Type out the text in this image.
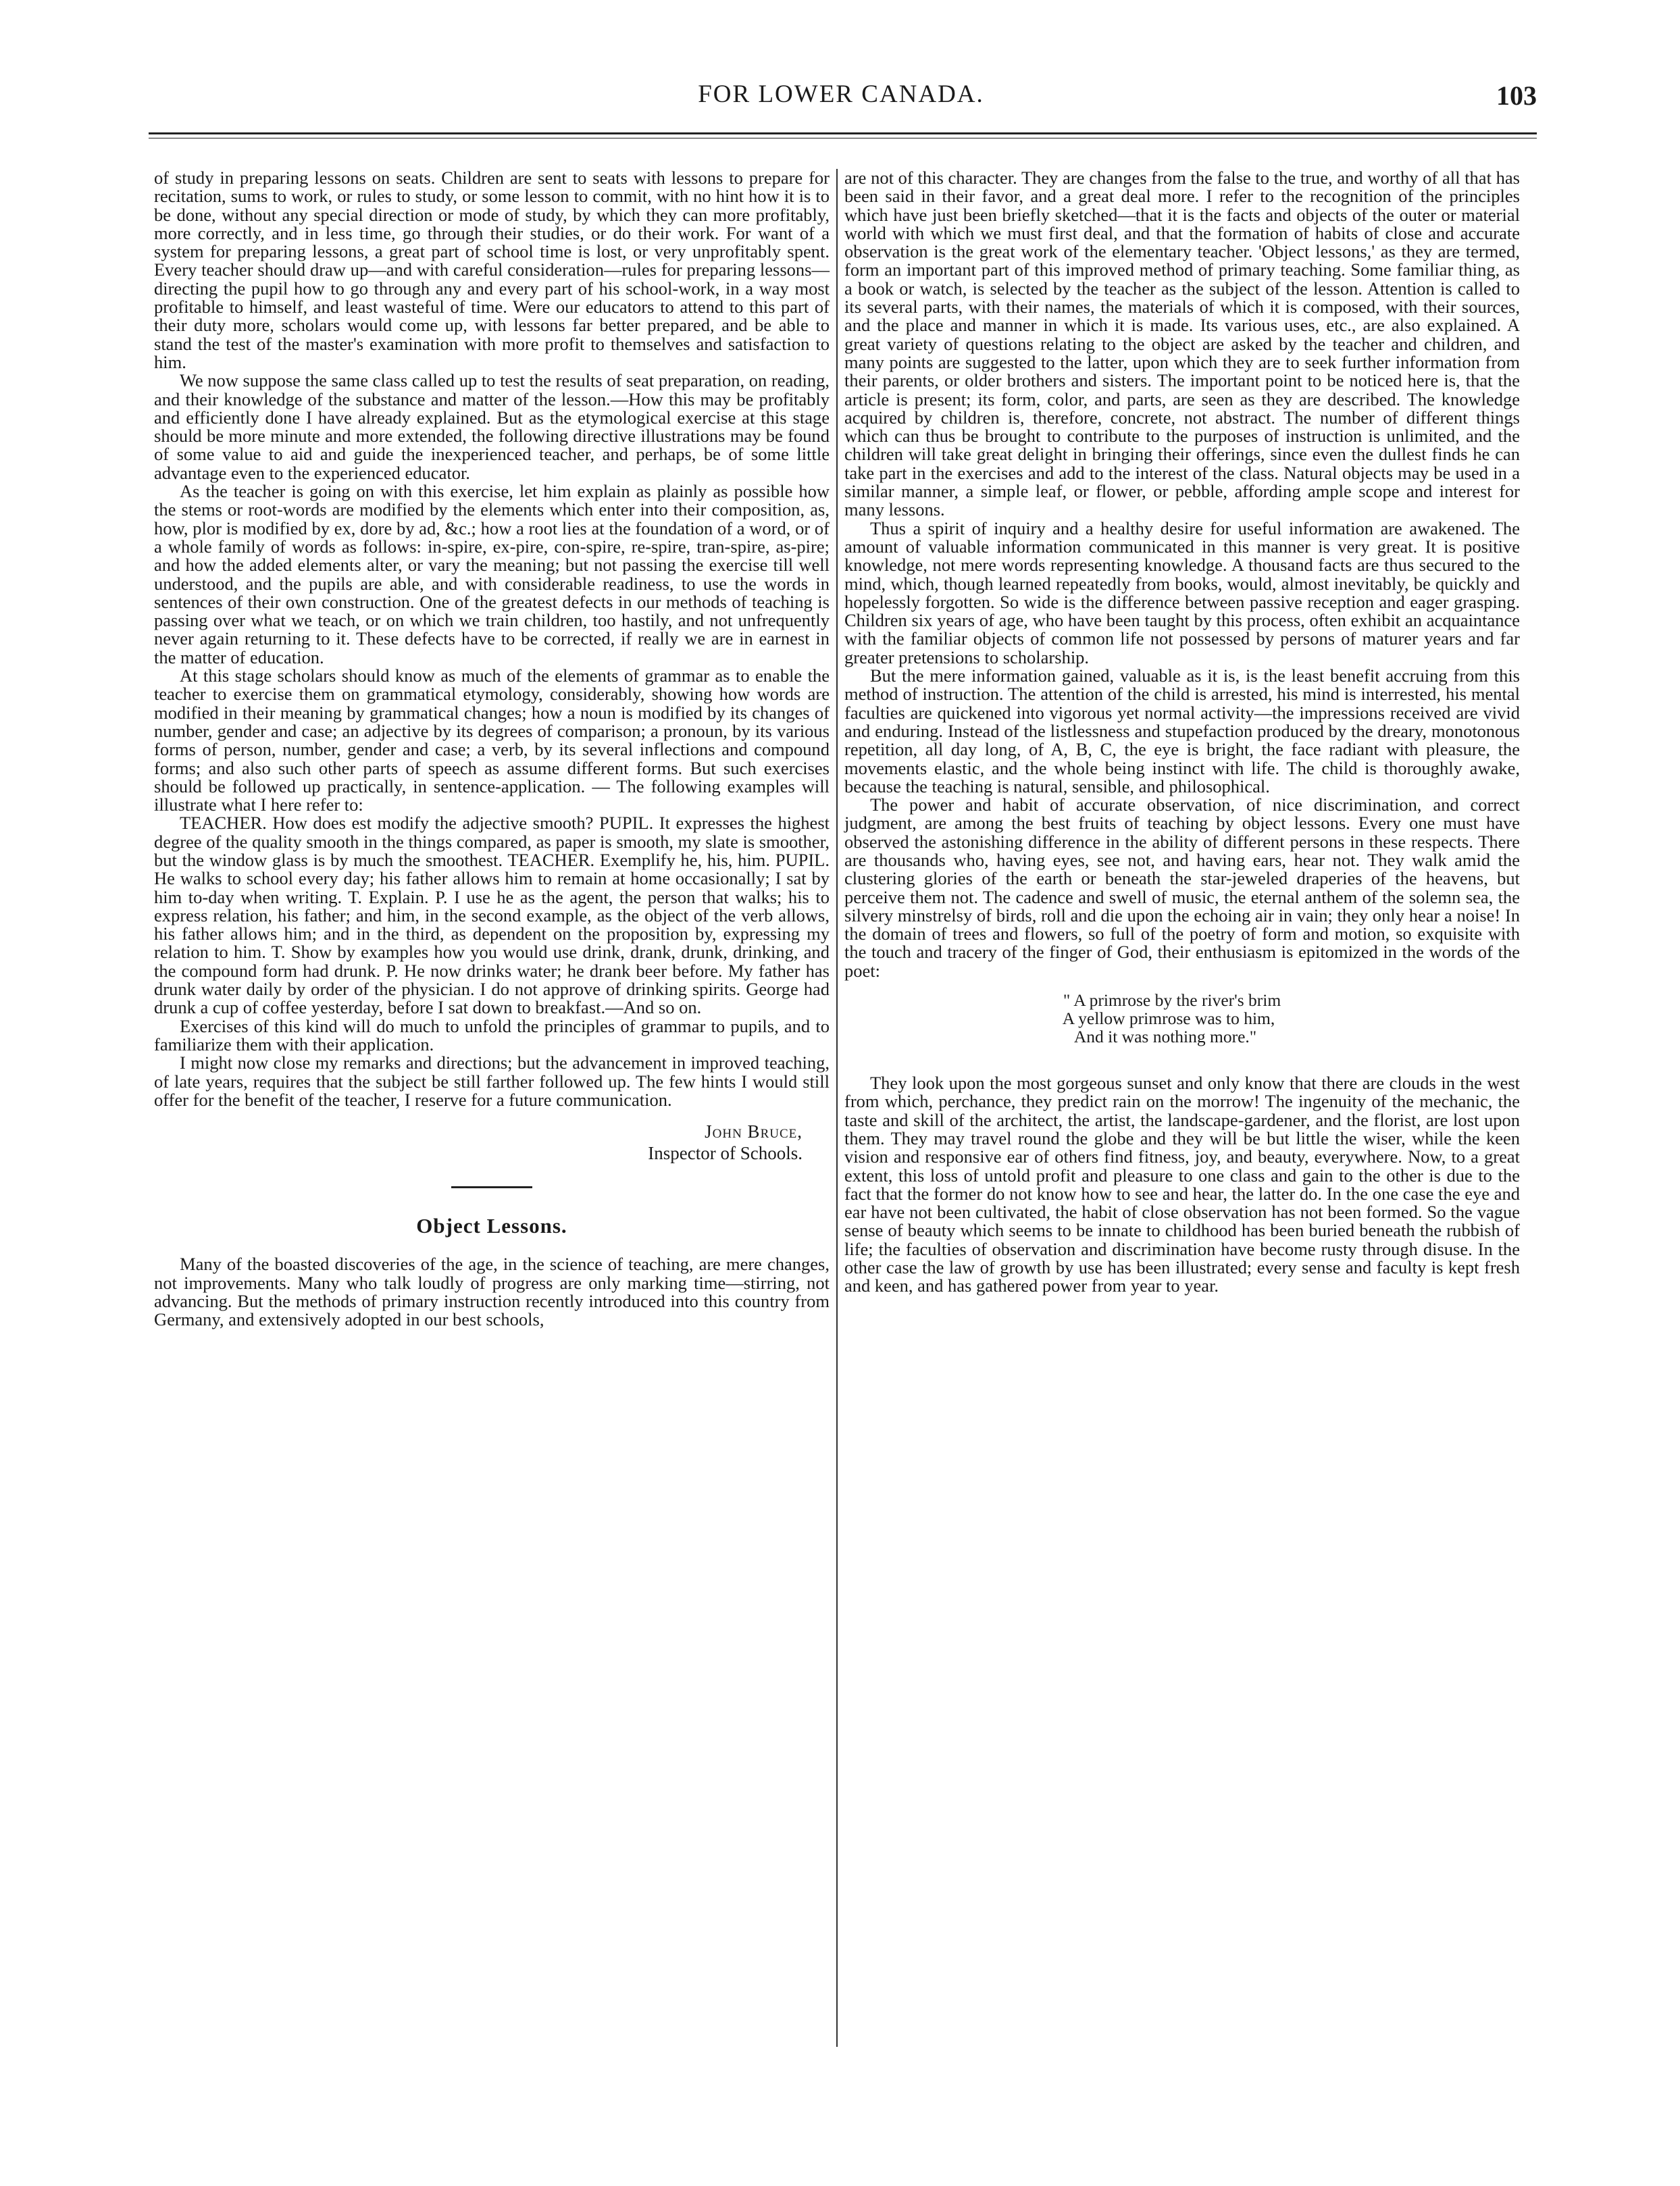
FOR LOWER CANADA.	103

of study in preparing lessons on seats. Children are sent to seats with lessons to prepare for recitation, sums to work, or rules to study, or some lesson to commit, with no hint how it is to be done, without any special direction or mode of study, by which they can more profitably, more correctly, and in less time, go through their studies, or do their work. For want of a system for preparing lessons, a great part of school time is lost, or very unprofitably spent. Every teacher should draw up—and with careful consideration—rules for preparing lessons—directing the pupil how to go through any and every part of his school-work, in a way most profitable to himself, and least wasteful of time. Were our educators to attend to this part of their duty more, scholars would come up, with lessons far better prepared, and be able to stand the test of the master's examination with more profit to themselves and satisfaction to him.

We now suppose the same class called up to test the results of seat preparation, on reading, and their knowledge of the substance and matter of the lesson.—How this may be profitably and efficiently done I have already explained. But as the etymological exercise at this stage should be more minute and more extended, the following directive illustrations may be found of some value to aid and guide the inexperienced teacher, and perhaps, be of some little advantage even to the experienced educator.

As the teacher is going on with this exercise, let him explain as plainly as possible how the stems or root-words are modified by the elements which enter into their composition, as, how, plor is modified by ex, dore by ad, &c.; how a root lies at the foundation of a word, or of a whole family of words as follows: in-spire, ex-pire, con-spire, re-spire, tran-spire, as-pire; and how the added elements alter, or vary the meaning; but not passing the exercise till well understood, and the pupils are able, and with considerable readiness, to use the words in sentences of their own construction. One of the greatest defects in our methods of teaching is passing over what we teach, or on which we train children, too hastily, and not unfrequently never again returning to it. These defects have to be corrected, if really we are in earnest in the matter of education.

At this stage scholars should know as much of the elements of grammar as to enable the teacher to exercise them on grammatical etymology, considerably, showing how words are modified in their meaning by grammatical changes; how a noun is modified by its changes of number, gender and case; an adjective by its degrees of comparison; a pronoun, by its various forms of person, number, gender and case; a verb, by its several inflections and compound forms; and also such other parts of speech as assume different forms. But such exercises should be followed up practically, in sentence-application. — The following examples will illustrate what I here refer to:

TEACHER. How does est modify the adjective smooth? PUPIL. It expresses the highest degree of the quality smooth in the things compared, as paper is smooth, my slate is smoother, but the window glass is by much the smoothest. TEACHER. Exemplify he, his, him. PUPIL. He walks to school every day; his father allows him to remain at home occasionally; I sat by him to-day when writing. T. Explain. P. I use he as the agent, the person that walks; his to express relation, his father; and him, in the second example, as the object of the verb allows, his father allows him; and in the third, as dependent on the proposition by, expressing my relation to him. T. Show by examples how you would use drink, drank, drunk, drinking, and the compound form had drunk. P. He now drinks water; he drank beer before. My father has drunk water daily by order of the physician. I do not approve of drinking spirits. George had drunk a cup of coffee yesterday, before I sat down to breakfast.—And so on.

Exercises of this kind will do much to unfold the principles of grammar to pupils, and to familiarize them with their application.

I might now close my remarks and directions; but the advancement in improved teaching, of late years, requires that the subject be still farther followed up. The few hints I would still offer for the benefit of the teacher, I reserve for a future communication.

John Bruce,
Inspector of Schools.
Object Lessons.

Many of the boasted discoveries of the age, in the science of teaching, are mere changes, not improvements. Many who talk loudly of progress are only marking time—stirring, not advancing. But the methods of primary instruction recently introduced into this country from Germany, and extensively adopted in our best schools,

are not of this character. They are changes from the false to the true, and worthy of all that has been said in their favor, and a great deal more. I refer to the recognition of the principles which have just been briefly sketched—that it is the facts and objects of the outer or material world with which we must first deal, and that the formation of habits of close and accurate observation is the great work of the elementary teacher. 'Object lessons,' as they are termed, form an important part of this improved method of primary teaching. Some familiar thing, as a book or watch, is selected by the teacher as the subject of the lesson. Attention is called to its several parts, with their names, the materials of which it is composed, with their sources, and the place and manner in which it is made. Its various uses, etc., are also explained. A great variety of questions relating to the object are asked by the teacher and children, and many points are suggested to the latter, upon which they are to seek further information from their parents, or older brothers and sisters. The important point to be noticed here is, that the article is present; its form, color, and parts, are seen as they are described. The knowledge acquired by children is, therefore, concrete, not abstract. The number of different things which can thus be brought to contribute to the purposes of instruction is unlimited, and the children will take great delight in bringing their offerings, since even the dullest finds he can take part in the exercises and add to the interest of the class. Natural objects may be used in a similar manner, a simple leaf, or flower, or pebble, affording ample scope and interest for many lessons.

Thus a spirit of inquiry and a healthy desire for useful information are awakened. The amount of valuable information communicated in this manner is very great. It is positive knowledge, not mere words representing knowledge. A thousand facts are thus secured to the mind, which, though learned repeatedly from books, would, almost inevitably, be quickly and hopelessly forgotten. So wide is the difference between passive reception and eager grasping. Children six years of age, who have been taught by this process, often exhibit an acquaintance with the familiar objects of common life not possessed by persons of maturer years and far greater pretensions to scholarship.

But the mere information gained, valuable as it is, is the least benefit accruing from this method of instruction. The attention of the child is arrested, his mind is interrested, his mental faculties are quickened into vigorous yet normal activity—the impressions received are vivid and enduring. Instead of the listlessness and stupefaction produced by the dreary, monotonous repetition, all day long, of A, B, C, the eye is bright, the face radiant with pleasure, the movements elastic, and the whole being instinct with life. The child is thoroughly awake, because the teaching is natural, sensible, and philosophical.

The power and habit of accurate observation, of nice discrimination, and correct judgment, are among the best fruits of teaching by object lessons. Every one must have observed the astonishing difference in the ability of different persons in these respects. There are thousands who, having eyes, see not, and having ears, hear not. They walk amid the clustering glories of the earth or beneath the star-jeweled draperies of the heavens, but perceive them not. The cadence and swell of music, the eternal anthem of the solemn sea, the silvery minstrelsy of birds, roll and die upon the echoing air in vain; they only hear a noise! In the domain of trees and flowers, so full of the poetry of form and motion, so exquisite with the touch and tracery of the finger of God, their enthusiasm is epitomized in the words of the poet:

" A primrose by the river's brim
A yellow primrose was to him,
And it was nothing more."

They look upon the most gorgeous sunset and only know that there are clouds in the west from which, perchance, they predict rain on the morrow! The ingenuity of the mechanic, the taste and skill of the architect, the artist, the landscape-gardener, and the florist, are lost upon them. They may travel round the globe and they will be but little the wiser, while the keen vision and responsive ear of others find fitness, joy, and beauty, everywhere. Now, to a great extent, this loss of untold profit and pleasure to one class and gain to the other is due to the fact that the former do not know how to see and hear, the latter do. In the one case the eye and ear have not been cultivated, the habit of close observation has not been formed. So the vague sense of beauty which seems to be innate to childhood has been buried beneath the rubbish of life; the faculties of observation and discrimination have become rusty through disuse. In the other case the law of growth by use has been illustrated; every sense and faculty is kept fresh and keen, and has gathered power from year to year.
